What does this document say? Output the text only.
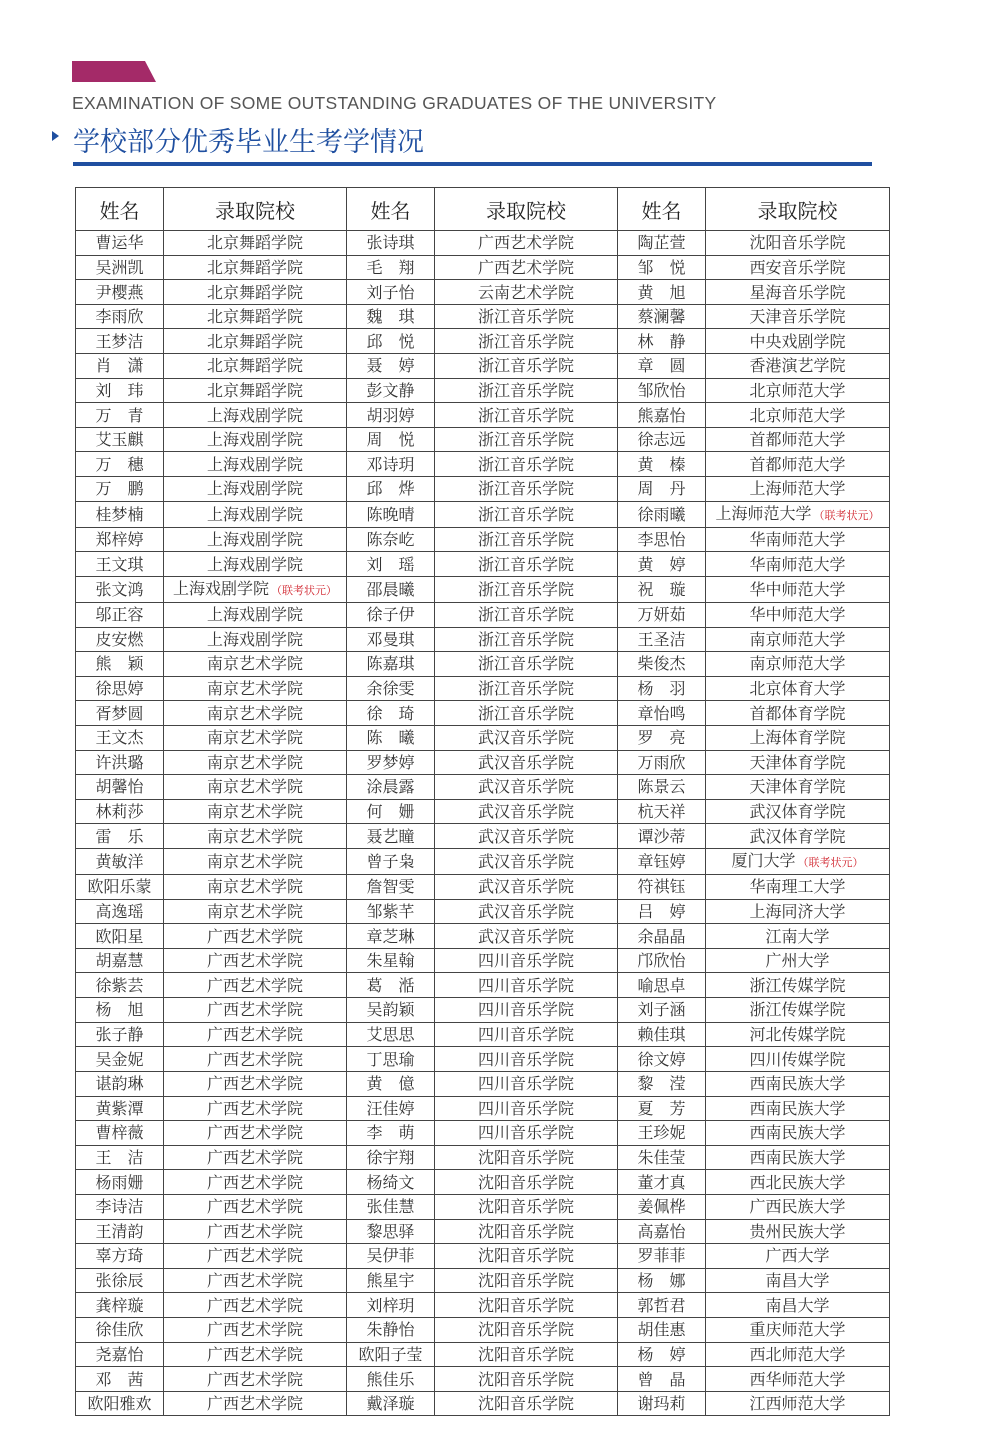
EXAMINATION OF SOME OUTSTANDING GRADUATES OF THE UNIVERSITY
学校部分优秀毕业生考学情况
姓名	录取院校	姓名	录取院校	姓名	录取院校
曹运华	北京舞蹈学院	张诗琪	广西艺术学院	陶芷萱	沈阳音乐学院
吴洲凯	北京舞蹈学院	毛　翔	广西艺术学院	邹　悦	西安音乐学院
尹樱燕	北京舞蹈学院	刘子怡	云南艺术学院	黄　旭	星海音乐学院
李雨欣	北京舞蹈学院	魏　琪	浙江音乐学院	蔡澜馨	天津音乐学院
王梦洁	北京舞蹈学院	邱　悦	浙江音乐学院	林　静	中央戏剧学院
肖　潇	北京舞蹈学院	聂　婷	浙江音乐学院	章　圆	香港演艺学院
刘　玮	北京舞蹈学院	彭文静	浙江音乐学院	邹欣怡	北京师范大学
万　青	上海戏剧学院	胡羽婷	浙江音乐学院	熊嘉怡	北京师范大学
艾玉麒	上海戏剧学院	周　悦	浙江音乐学院	徐志远	首都师范大学
万　穗	上海戏剧学院	邓诗玥	浙江音乐学院	黄　榛	首都师范大学
万　鹏	上海戏剧学院	邱　烨	浙江音乐学院	周　丹	上海师范大学
桂梦楠	上海戏剧学院	陈晚晴	浙江音乐学院	徐雨曦	上海师范大学 （联考状元）
郑梓婷	上海戏剧学院	陈奈屹	浙江音乐学院	李思怡	华南师范大学
王文琪	上海戏剧学院	刘　瑶	浙江音乐学院	黄　婷	华南师范大学
张文鸿	上海戏剧学院 （联考状元）	邵晨曦	浙江音乐学院	祝　璇	华中师范大学
邬正容	上海戏剧学院	徐子伊	浙江音乐学院	万妍茹	华中师范大学
皮安燃	上海戏剧学院	邓曼琪	浙江音乐学院	王圣洁	南京师范大学
熊　颖	南京艺术学院	陈嘉琪	浙江音乐学院	柴俊杰	南京师范大学
徐思婷	南京艺术学院	余徐雯	浙江音乐学院	杨　羽	北京体育大学
胥梦圆	南京艺术学院	徐　琦	浙江音乐学院	章怡鸣	首都体育学院
王文杰	南京艺术学院	陈　曦	武汉音乐学院	罗　亮	上海体育学院
许洪璐	南京艺术学院	罗梦婷	武汉音乐学院	万雨欣	天津体育学院
胡馨怡	南京艺术学院	涂晨露	武汉音乐学院	陈景云	天津体育学院
林莉莎	南京艺术学院	何　姗	武汉音乐学院	杭天祥	武汉体育学院
雷　乐	南京艺术学院	聂艺瞳	武汉音乐学院	谭沙蒂	武汉体育学院
黄敏洋	南京艺术学院	曾子枭	武汉音乐学院	章钰婷	厦门大学 （联考状元）
欧阳乐蒙	南京艺术学院	詹智雯	武汉音乐学院	符祺钰	华南理工大学
高逸瑶	南京艺术学院	邹紫芊	武汉音乐学院	吕　婷	上海同济大学
欧阳星	广西艺术学院	章芝琳	武汉音乐学院	余晶晶	江南大学
胡嘉慧	广西艺术学院	朱星翰	四川音乐学院	邝欣怡	广州大学
徐紫芸	广西艺术学院	葛　湉	四川音乐学院	喻思卓	浙江传媒学院
杨　旭	广西艺术学院	吴韵颖	四川音乐学院	刘子涵	浙江传媒学院
张子静	广西艺术学院	艾思思	四川音乐学院	赖佳琪	河北传媒学院
吴金妮	广西艺术学院	丁思瑜	四川音乐学院	徐文婷	四川传媒学院
谌韵琳	广西艺术学院	黄　億	四川音乐学院	黎　滢	西南民族大学
黄紫潭	广西艺术学院	汪佳婷	四川音乐学院	夏　芳	西南民族大学
曹梓薇	广西艺术学院	李　萌	四川音乐学院	王珍妮	西南民族大学
王　洁	广西艺术学院	徐宇翔	沈阳音乐学院	朱佳莹	西南民族大学
杨雨姗	广西艺术学院	杨绮文	沈阳音乐学院	董才真	西北民族大学
李诗洁	广西艺术学院	张佳慧	沈阳音乐学院	姜佩桦	广西民族大学
王清韵	广西艺术学院	黎思驿	沈阳音乐学院	高嘉怡	贵州民族大学
辜方琦	广西艺术学院	吴伊菲	沈阳音乐学院	罗菲菲	广西大学
张徐辰	广西艺术学院	熊星宇	沈阳音乐学院	杨　娜	南昌大学
龚梓璇	广西艺术学院	刘梓玥	沈阳音乐学院	郭哲君	南昌大学
徐佳欣	广西艺术学院	朱静怡	沈阳音乐学院	胡佳惠	重庆师范大学
尧嘉怡	广西艺术学院	欧阳子莹	沈阳音乐学院	杨　婷	西北师范大学
邓　茜	广西艺术学院	熊佳乐	沈阳音乐学院	曾　晶	西华师范大学
欧阳雅欢	广西艺术学院	戴泽璇	沈阳音乐学院	谢玛莉	江西师范大学
